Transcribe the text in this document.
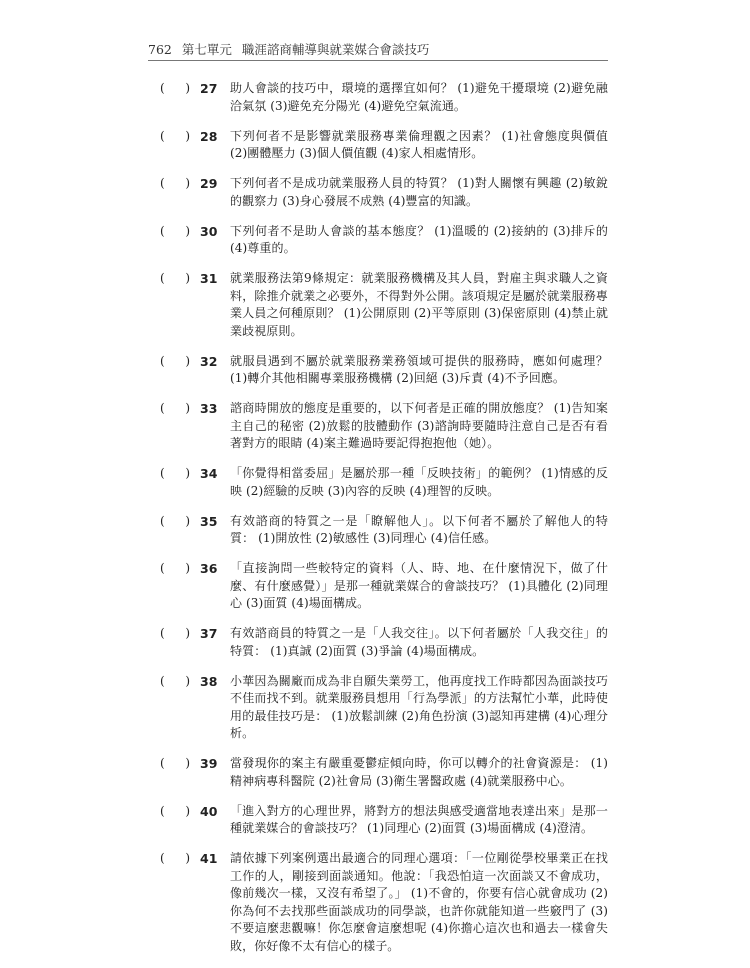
762 第七單元 職涯諮商輔導與就業媒合會談技巧
( ) 27	助人會談的技巧中，環境的選擇宜如何？ (1)避免干擾環境 (2)避免融洽氣氛 (3)避免充分陽光 (4)避免空氣流通。
( ) 28	下列何者不是影響就業服務專業倫理觀之因素？ (1)社會態度與價值 (2)團體壓力 (3)個人價值觀 (4)家人相處情形。
( ) 29	下列何者不是成功就業服務人員的特質？ (1)對人關懷有興趣 (2)敏銳的觀察力 (3)身心發展不成熟 (4)豐富的知識。
( ) 30	下列何者不是助人會談的基本態度？ (1)溫暖的 (2)接納的 (3)排斥的 (4)尊重的。
( ) 31	就業服務法第9條規定：就業服務機構及其人員，對雇主與求職人之資料，除推介就業之必要外，不得對外公開。該項規定是屬於就業服務專業人員之何種原則？ (1)公開原則 (2)平等原則 (3)保密原則 (4)禁止就業歧視原則。
( ) 32	就服員遇到不屬於就業服務業務領域可提供的服務時，應如何處理？ (1)轉介其他相關專業服務機構 (2)回絕 (3)斥責 (4)不予回應。
( ) 33	諮商時開放的態度是重要的，以下何者是正確的開放態度？ (1)告知案主自己的秘密 (2)放鬆的肢體動作 (3)諮詢時要隨時注意自己是否有看著對方的眼睛 (4)案主難過時要記得抱抱他（她）。
( ) 34	「你覺得相當委屈」是屬於那一種「反映技術」的範例？ (1)情感的反映 (2)經驗的反映 (3)內容的反映 (4)理智的反映。
( ) 35	有效諮商的特質之一是「瞭解他人」。以下何者不屬於了解他人的特質： (1)開放性 (2)敏感性 (3)同理心 (4)信任感。
( ) 36	「直接詢問一些較特定的資料（人、時、地、在什麼情況下，做了什麼、有什麼感覺）」是那一種就業媒合的會談技巧？ (1)具體化 (2)同理心 (3)面質 (4)場面構成。
( ) 37	有效諮商員的特質之一是「人我交往」。以下何者屬於「人我交往」的特質： (1)真誠 (2)面質 (3)爭論 (4)場面構成。
( ) 38	小華因為關廠而成為非自願失業勞工，他再度找工作時都因為面談技巧不佳而找不到。就業服務員想用「行為學派」的方法幫忙小華，此時使用的最佳技巧是： (1)放鬆訓練 (2)角色扮演 (3)認知再建構 (4)心理分析。
( ) 39	當發現你的案主有嚴重憂鬱症傾向時，你可以轉介的社會資源是： (1)精神病專科醫院 (2)社會局 (3)衛生署醫政處 (4)就業服務中心。
( ) 40	「進入對方的心理世界，將對方的想法與感受適當地表達出來」是那一種就業媒合的會談技巧？ (1)同理心 (2)面質 (3)場面構成 (4)澄清。
( ) 41	請依據下列案例選出最適合的同理心選項：「一位剛從學校畢業正在找工作的人，剛接到面談通知。他說：「我恐怕這一次面談又不會成功，像前幾次一樣，又沒有希望了。」 (1)不會的，你要有信心就會成功 (2)你為何不去找那些面談成功的同學談，也許你就能知道一些竅門了 (3)不要這麼悲觀嘛！你怎麼會這麼想呢 (4)你擔心這次也和過去一樣會失敗，你好像不太有信心的樣子。
